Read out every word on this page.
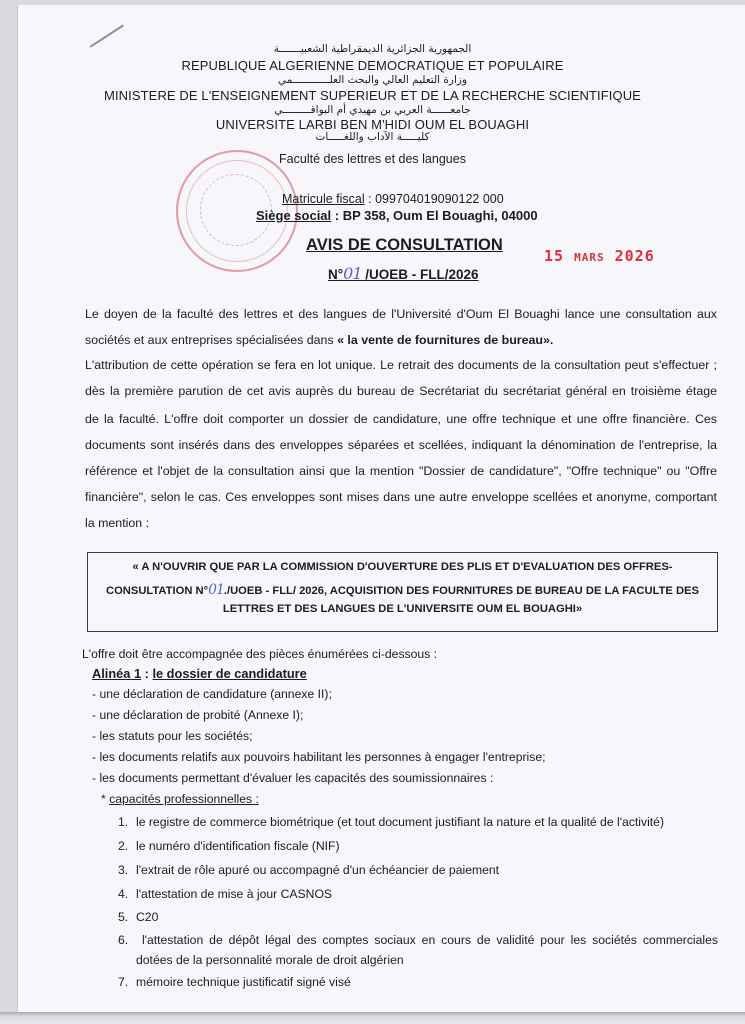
الجمهورية الجزائرية الديمقراطية الشعبيـــــــة
REPUBLIQUE ALGERIENNE DEMOCRATIQUE ET POPULAIRE
وزارة التعليم العالي والبحث العلــــــــــــمي
MINISTERE DE L'ENSEIGNEMENT SUPERIEUR ET DE LA RECHERCHE SCIENTIFIQUE
جامعــــــة العربي بن مهيدي أم البواقـــــــــي
UNIVERSITE LARBI BEN M'HIDI OUM EL BOUAGHI
كليـــــة الآداب واللغـــــات
Faculté des lettres et des langues
Matricule fiscal : 099704019090122 000
Siège social : BP 358, Oum El Bouaghi, 04000
AVIS DE CONSULTATION
N°01 /UOEB - FLL/2026
15 MARS 2026
Le doyen de la faculté des lettres et des langues de l'Université d'Oum El Bouaghi lance une consultation aux
sociétés et aux entreprises spécialisées dans « la vente de fournitures de bureau».
L'attribution de cette opération se fera en lot unique. Le retrait des documents de la consultation peut s'effectuer ;
dès la première parution de cet avis auprès du bureau de Secrétariat du secrétariat général en troisième étage
de la faculté. L'offre doit comporter un dossier de candidature, une offre technique et une offre financière. Ces
documents sont insérés dans des enveloppes séparées et scellées, indiquant la dénomination de l'entreprise, la
référence et l'objet de la consultation ainsi que la mention "Dossier de candidature", "Offre technique" ou "Offre
financière", selon le cas. Ces enveloppes sont mises dans une autre enveloppe scellées et anonyme, comportant
la mention :
« A N'OUVRIR QUE PAR LA COMMISSION D'OUVERTURE DES PLIS ET D'EVALUATION DES OFFRES-
CONSULTATION N°01./UOEB - FLL/ 2026, ACQUISITION DES FOURNITURES DE BUREAU DE LA FACULTE DES
LETTRES ET DES LANGUES DE L'UNIVERSITE OUM EL BOUAGHI»
L'offre doit être accompagnée des pièces énumérées ci-dessous :
Alinéa 1 : le dossier de candidature
- une déclaration de candidature (annexe II);
- une déclaration de probité (Annexe I);
- les statuts pour les sociétés;
- les documents relatifs aux pouvoirs habilitant les personnes à engager l'entreprise;
- les documents permettant d'évaluer les capacités des soumissionnaires :
* capacités professionnelles :
1. le registre de commerce biométrique (et tout document justifiant la nature et la qualité de l'activité)
2. le numéro d'identification fiscale (NIF)
3. l'extrait de rôle apuré ou accompagné d'un échéancier de paiement
4. l'attestation de mise à jour CASNOS
5. C20
6. l'attestation de dépôt légal des comptes sociaux en cours de validité pour les sociétés commerciales
dotées de la personnalité morale de droit algérien
7. mémoire technique justificatif signé visé
